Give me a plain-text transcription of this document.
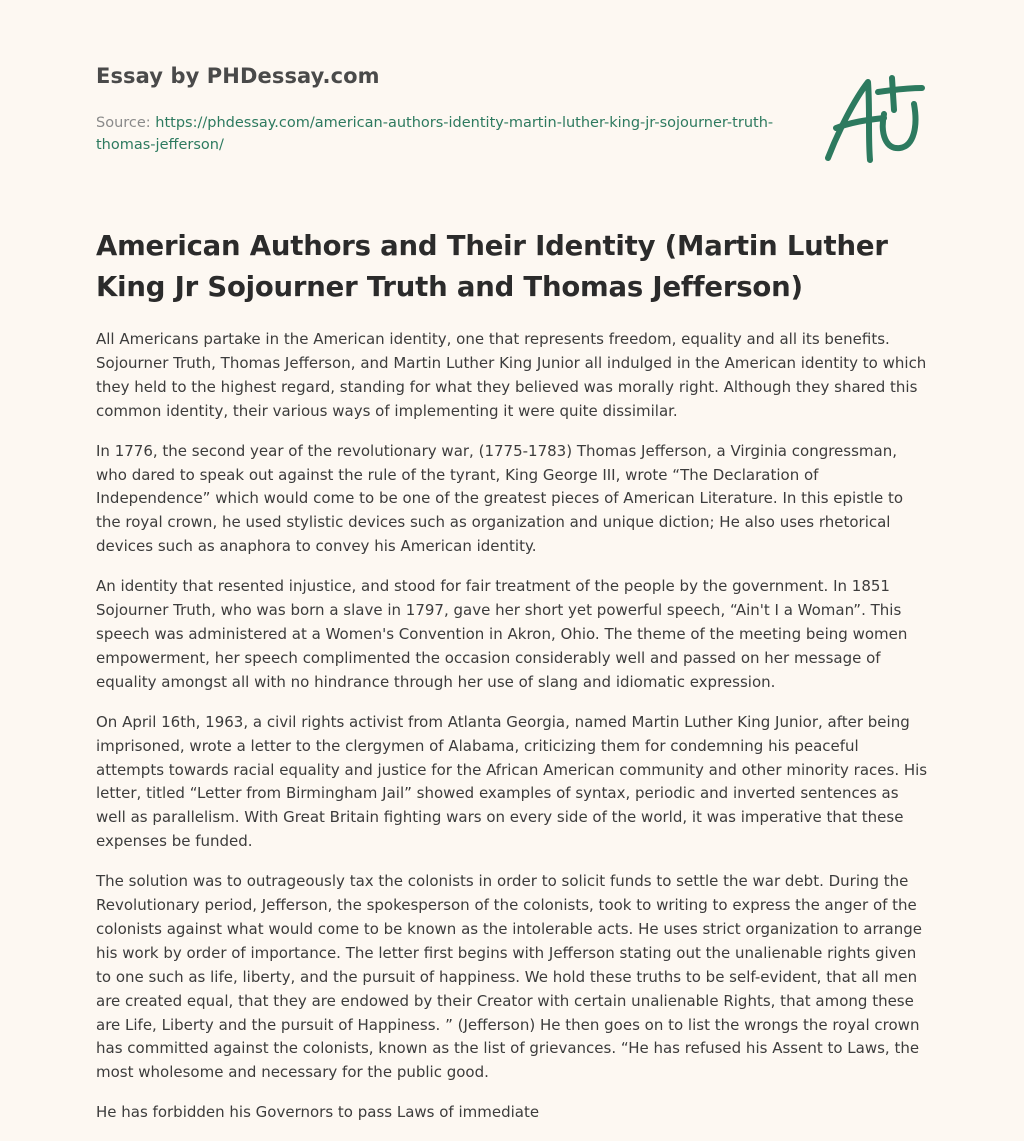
Essay by PHDessay.com
Source: https://phdessay.com/american-authors-identity-martin-luther-king-jr-sojourner-truth-thomas-jefferson/
American Authors and Their Identity (Martin Luther King Jr Sojourner Truth and Thomas Jefferson)

All Americans partake in the American identity, one that represents freedom, equality and all its benefits. Sojourner Truth, Thomas Jefferson, and Martin Luther King Junior all indulged in the American identity to which they held to the highest regard, standing for what they believed was morally right. Although they shared this common identity, their various ways of implementing it were quite dissimilar.

In 1776, the second year of the revolutionary war, (1775-1783) Thomas Jefferson, a Virginia congressman, who dared to speak out against the rule of the tyrant, King George III, wrote “The Declaration of Independence” which would come to be one of the greatest pieces of American Literature. In this epistle to the royal crown, he used stylistic devices such as organization and unique diction; He also uses rhetorical devices such as anaphora to convey his American identity.

An identity that resented injustice, and stood for fair treatment of the people by the government. In 1851 Sojourner Truth, who was born a slave in 1797, gave her short yet powerful speech, “Ain't I a Woman”. This speech was administered at a Women's Convention in Akron, Ohio. The theme of the meeting being women empowerment, her speech complimented the occasion considerably well and passed on her message of equality amongst all with no hindrance through her use of slang and idiomatic expression.

On April 16th, 1963, a civil rights activist from Atlanta Georgia, named Martin Luther King Junior, after being imprisoned, wrote a letter to the clergymen of Alabama, criticizing them for condemning his peaceful attempts towards racial equality and justice for the African American community and other minority races. His letter, titled “Letter from Birmingham Jail” showed examples of syntax, periodic and inverted sentences as well as parallelism. With Great Britain fighting wars on every side of the world, it was imperative that these expenses be funded.

The solution was to outrageously tax the colonists in order to solicit funds to settle the war debt. During the Revolutionary period, Jefferson, the spokesperson of the colonists, took to writing to express the anger of the colonists against what would come to be known as the intolerable acts. He uses strict organization to arrange his work by order of importance. The letter first begins with Jefferson stating out the unalienable rights given to one such as life, liberty, and the pursuit of happiness. We hold these truths to be self-evident, that all men are created equal, that they are endowed by their Creator with certain unalienable Rights, that among these are Life, Liberty and the pursuit of Happiness. ” (Jefferson) He then goes on to list the wrongs the royal crown has committed against the colonists, known as the list of grievances. “He has refused his Assent to Laws, the most wholesome and necessary for the public good.

He has forbidden his Governors to pass Laws of immediate
